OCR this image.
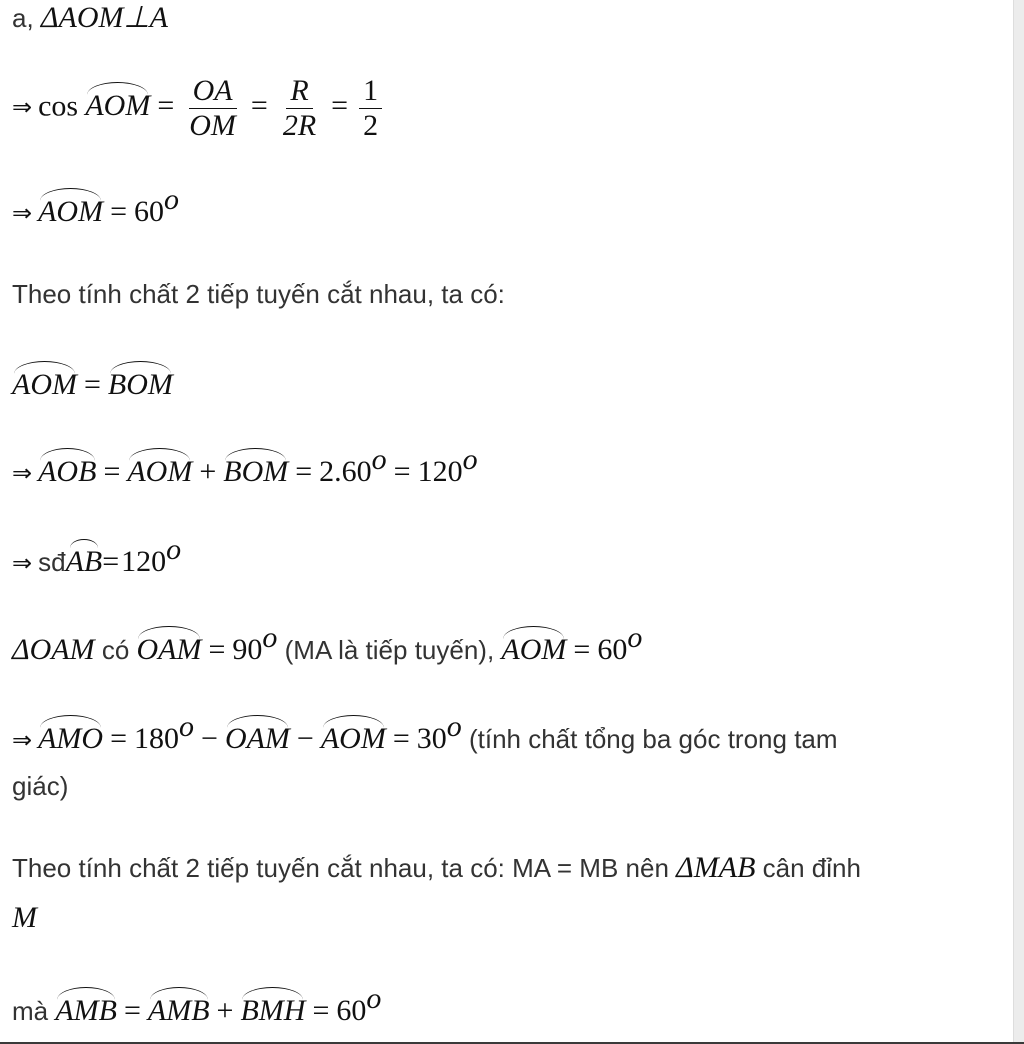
a, ΔAOM⊥A
⇒ cos AOM = $\frac{OA}{OM} = \frac{R}{2R} = \frac{1}{2}$
⇒ AOM = $60^o$
Theo tính chất 2 tiếp tuyến cắt nhau, ta có:
AOM = BOM
⇒ AOB = AOM + BOM = $2.60^o = 120^o$
⇒ $sđAB=120^o$
ΔOAM có OAM = $90^o$ (MA là tiếp tuyến), AOM = $60^o$
⇒ AMO = $180^o$ − OAM − AOM = $30^o$ (tính chất tổng ba góc trong tam
giác)
Theo tính chất 2 tiếp tuyến cắt nhau, ta có: MA = MB nên ΔMAB cân đỉnh
M
mà AMB = AMB + BMH = $60^o$
